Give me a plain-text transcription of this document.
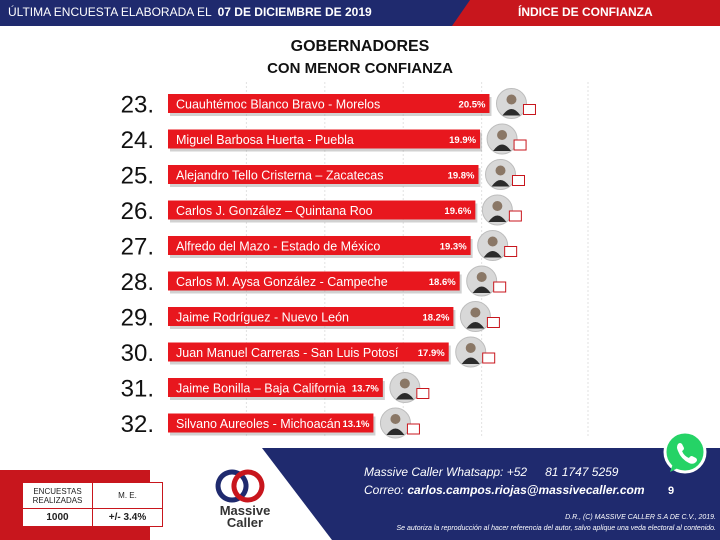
ÚLTIMA ENCUESTA ELABORADA EL 07 DE DICIEMBRE DE 2019	ÍNDICE DE CONFIANZA
GOBERNADORES
CON MENOR CONFIANZA
23. Cuauhtémoc Blanco Bravo - Morelos	20.5%
24. Miguel Barbosa Huerta - Puebla	19.9%
25. Alejandro Tello Cristerna – Zacatecas	19.8%
26. Carlos J. González – Quintana Roo	19.6%
27. Alfredo del Mazo - Estado de México	19.3%
28. Carlos M. Aysa González - Campeche	18.6%
29. Jaime Rodríguez - Nuevo León	18.2%
30. Juan Manuel Carreras - San Luis Potosí 17.9%
31. Jaime Bonilla – Baja California 13.7%
32. Silvano Aureoles - Michoacán 13.1%
ENCUESTAS REALIZADAS	M. E.
1000	+/- 3.4%	Massive
Caller
Massive Caller Whatsapp: +52 81 1747 5259
Correo: carlos.campos.riojas@massivecaller.com 9
D.R., (C) MASSIVE CALLER S.A DE C.V., 2019.
Se autoriza la reproducción al hacer referencia del autor, salvo aplique una veda electoral al contenido.
